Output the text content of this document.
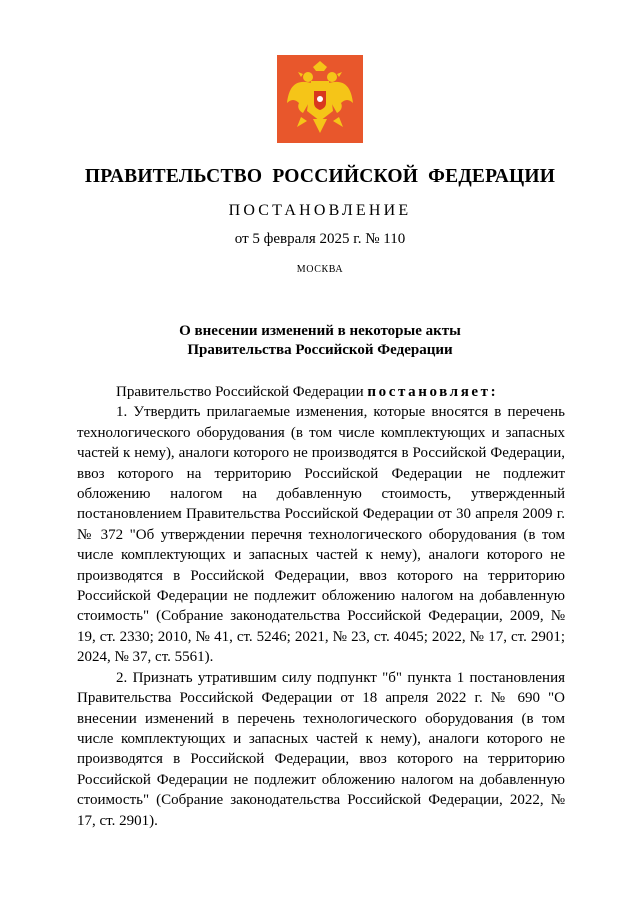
ПРАВИТЕЛЬСТВО РОССИЙСКОЙ ФЕДЕРАЦИИ
ПОСТАНОВЛЕНИЕ
от 5 февраля 2025 г. № 110
МОСКВА
О внесении изменений в некоторые акты
Правительства Российской Федерации

Правительство Российской Федерации постановляет:

1. Утвердить прилагаемые изменения, которые вносятся в перечень технологического оборудования (в том числе комплектующих и запасных частей к нему), аналоги которого не производятся в Российской Федерации, ввоз которого на территорию Российской Федерации не подлежит обложению налогом на добавленную стоимость, утвержденный постановлением Правительства Российской Федерации от 30 апреля 2009 г. № 372 "Об утверждении перечня технологического оборудования (в том числе комплектующих и запасных частей к нему), аналоги которого не производятся в Российской Федерации, ввоз которого на территорию Российской Федерации не подлежит обложению налогом на добавленную стоимость" (Собрание законодательства Российской Федерации, 2009, № 19, ст. 2330; 2010, № 41, ст. 5246; 2021, № 23, ст. 4045; 2022, № 17, ст. 2901; 2024, № 37, ст. 5561).

2. Признать утратившим силу подпункт "б" пункта 1 постановления Правительства Российской Федерации от 18 апреля 2022 г. № 690 "О внесении изменений в перечень технологического оборудования (в том числе комплектующих и запасных частей к нему), аналоги которого не производятся в Российской Федерации, ввоз которого на территорию Российской Федерации не подлежит обложению налогом на добавленную стоимость" (Собрание законодательства Российской Федерации, 2022, № 17, ст. 2901).
